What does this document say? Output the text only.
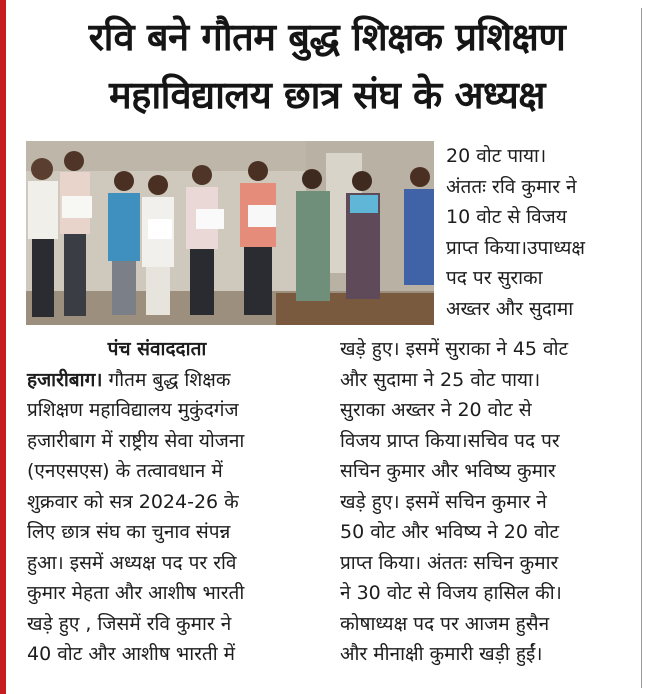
रवि बने गौतम बुद्ध शिक्षक प्रशिक्षण
महाविद्यालय छात्र संघ के अध्यक्ष
20 वोट पाया।
अंततः रवि कुमार ने
10 वोट से विजय
प्राप्त किया।उपाध्यक्ष
पद पर सुराका
अख्तर और सुदामा
पंच संवाददाता
हजारीबाग। गौतम बुद्ध शिक्षक
प्रशिक्षण महाविद्यालय मुकुंदगंज
हजारीबाग में राष्ट्रीय सेवा योजना
(एनएसएस) के तत्वावधान में
शुक्रवार को सत्र 2024-26 के
लिए छात्र संघ का चुनाव संपन्न
हुआ। इसमें अध्यक्ष पद पर रवि
कुमार मेहता और आशीष भारती
खड़े हुए , जिसमें रवि कुमार ने
40 वोट और आशीष भारती में
खड़े हुए। इसमें सुराका ने 45 वोट
और सुदामा ने 25 वोट पाया।
सुराका अख्तर ने 20 वोट से
विजय प्राप्त किया।सचिव पद पर
सचिन कुमार और भविष्य कुमार
खड़े हुए। इसमें सचिन कुमार ने
50 वोट और भविष्य ने 20 वोट
प्राप्त किया। अंततः सचिन कुमार
ने 30 वोट से विजय हासिल की।
कोषाध्यक्ष पद पर आजम हुसैन
और मीनाक्षी कुमारी खड़ी हुईं।
